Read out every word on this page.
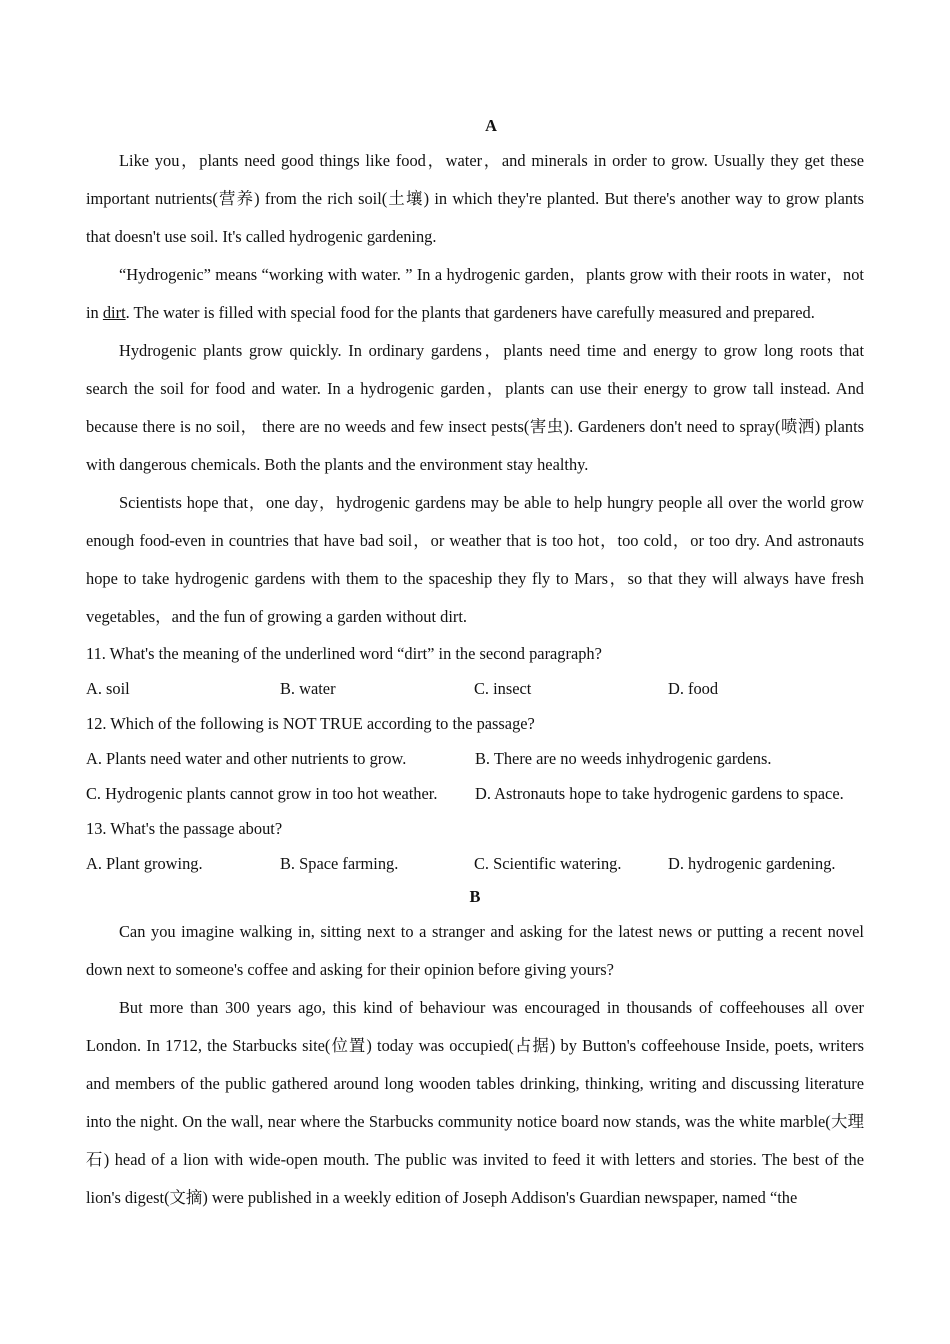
A

Like you，plants need good things like food，water，and minerals in order to grow. Usually they get these important nutrients(营养) from the rich soil(土壤) in which they're planted. But there's another way to grow plants that doesn't use soil. It's called hydrogenic gardening.

“Hydrogenic” means “working with water. ” In a hydrogenic garden，plants grow with their roots in water，not in dirt. The water is filled with special food for the plants that gardeners have carefully measured and prepared.

Hydrogenic plants grow quickly. In ordinary gardens，plants need time and energy to grow long roots that search the soil for food and water. In a hydrogenic garden，plants can use their energy to grow tall instead. And because there is no soil， there are no weeds and few insect pests(害虫). Gardeners don't need to spray(喷洒) plants with dangerous chemicals. Both the plants and the environment stay healthy.

Scientists hope that，one day，hydrogenic gardens may be able to help hungry people all over the world grow enough food-even in countries that have bad soil，or weather that is too hot，too cold，or too dry. And astronauts hope to take hydrogenic gardens with them to the spaceship they fly to Mars，so that they will always have fresh vegetables，and the fun of growing a garden without dirt.

11. What's the meaning of the underlined word “dirt” in the second paragraph?
A. soil	B. water	C. insect	D. food
12. Which of the following is NOT TRUE according to the passage?
A. Plants need water and other nutrients to grow.	B. There are no weeds inhydrogenic gardens.
C. Hydrogenic plants cannot grow in too hot weather.	D. Astronauts hope to take hydrogenic gardens to space.
13. What's the passage about?
A. Plant growing.	B. Space farming.	C. Scientific watering.	D. hydrogenic gardening.
B

Can you imagine walking in, sitting next to a stranger and asking for the latest news or putting a recent novel down next to someone's coffee and asking for their opinion before giving yours?

But more than 300 years ago, this kind of behaviour was encouraged in thousands of coffeehouses all over London. In 1712, the Starbucks site(位置) today was occupied(占据) by Button's coffeehouse Inside, poets, writers and members of the public gathered around long wooden tables drinking, thinking, writing and discussing literature into the night. On the wall, near where the Starbucks community notice board now stands, was the white marble(大理石) head of a lion with wide-open mouth. The public was invited to feed it with letters and stories. The best of the lion's digest(文摘) were published in a weekly edition of Joseph Addison's Guardian newspaper, named “the
